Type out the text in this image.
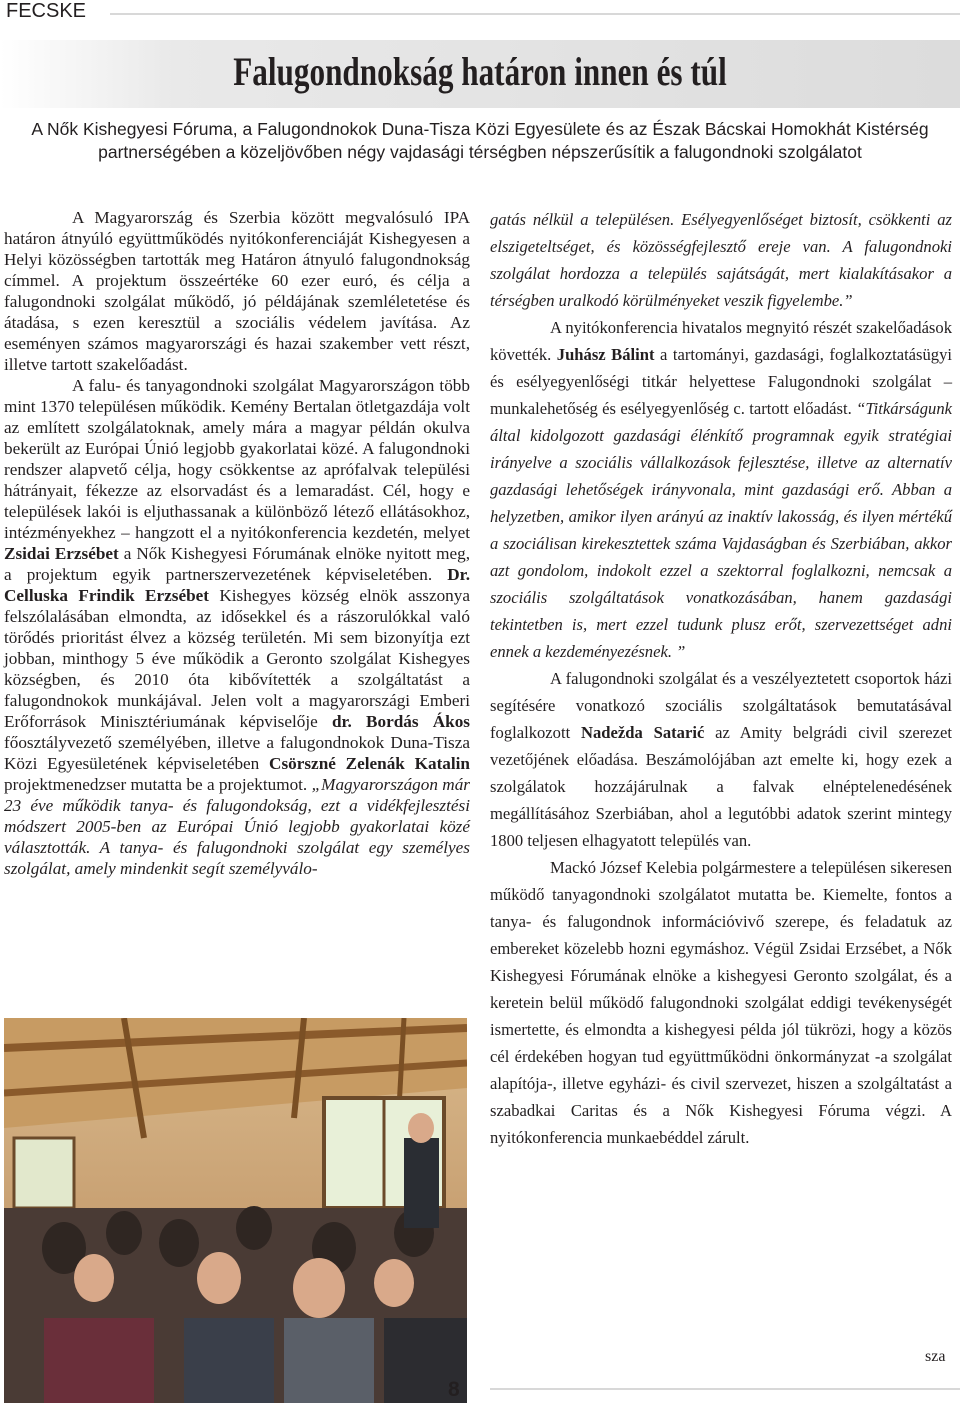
FECSKE
Falugondnokság határon innen és túl
A Nők Kishegyesi Fóruma, a Falugondnokok Duna-Tisza Közi Egyesülete és az Észak Bácskai Homokhát Kistérség partnerségében a közeljövőben négy vajdasági térségben népszerűsítik a falugondnoki szolgálatot

A Magyarország és Szerbia között megvalósuló IPA határon átnyúló együttműködés nyitókonferenciáját Kishegyesen a Helyi közösségben tartották meg Határon átnyuló falugondnokság címmel. A projektum összeértéke 60 ezer euró, és célja a falugondnoki szolgálat működő, jó példájának szemléletetése és átadása, s ezen keresztül a szociális védelem javítása. Az eseményen számos magyarországi és hazai szakember vett részt, illetve tartott szakelőadást.

A falu- és tanyagondnoki szolgálat Magyarországon több mint 1370 településen működik. Kemény Bertalan ötletgazdája volt az említett szolgálatoknak, amely mára a magyar példán okulva bekerült az Európai Únió legjobb gyakorlatai közé. A falugondnoki rendszer alapvető célja, hogy csökkentse az aprófalvak települési hátrányait, fékezze az elsorvadást és a lemaradást. Cél, hogy e települések lakói is eljuthassanak a különböző létező ellátásokhoz, intézményekhez – hangzott el a nyitókonferencia kezdetén, melyet Zsidai Erzsébet a Nők Kishegyesi Fórumának elnöke nyitott meg, a projektum egyik partnerszervezetének képviseletében. Dr. Celluska Frindik Erzsébet Kishegyes község elnök asszonya felszólalásában elmondta, az idősekkel és a rászorulókkal való törődés prioritást élvez a község területén. Mi sem bizonyítja ezt jobban, minthogy 5 éve működik a Geronto szolgálat Kishegyes községben, és 2010 óta kibővítették a szolgáltatást a falugondnokok munkájával. Jelen volt a magyarországi Emberi Erőforrások Minisztériumának képviselője dr. Bordás Ákos főosztályvezető személyében, illetve a falugondnokok Duna-Tisza Közi Egyesületének képviseletében Csörszné Zelenák Katalin projektmenedzser mutatta be a projektumot. „Magyarországon már 23 éve működik tanya- és falugondokság, ezt a vidékfejlesztési módszert 2005-ben az Európai Únió legjobb gyakorlatai közé választották. A tanya- és falugondnoki szolgálat egy személyes szolgálat, amely mindenkit segít személyválo-

gatás nélkül a településen. Esélyegyenlőséget biztosít, csökkenti az elszigeteltséget, és közösségfejlesztő ereje van. A falugondnoki szolgálat hordozza a település sajátságát, mert kialakításakor a térségben uralkodó körülményeket veszik figyelembe.”

A nyitókonferencia hivatalos megnyitó részét szakelőadások követték. Juhász Bálint a tartományi, gazdasági, foglalkoztatásügyi és esélyegyenlőségi titkár helyettese Falugondnoki szolgálat – munkalehetőség és esélyegyenlőség c. tartott előadást. “Titkárságunk által kidolgozott gazdasági élénkítő programnak egyik stratégiai irányelve a szociális vállalkozások fejlesztése, illetve az alternatív gazdasági lehetőségek irányvonala, mint gazdasági erő. Abban a helyzetben, amikor ilyen arányú az inaktív lakosság, és ilyen mértékű a szociálisan kirekesztettek száma Vajdaságban és Szerbiában, akkor azt gondolom, indokolt ezzel a szektorral foglalkozni, nemcsak a szociális szolgáltatások vonatkozásában, hanem gazdasági tekintetben is, mert ezzel tudunk plusz erőt, szervezettséget adni ennek a kezdeményezésnek. ”

A falugondnoki szolgálat és a veszélyeztetett csoportok házi segítésére vonatkozó szociális szolgáltatások bemutatásával foglalkozott Nadežda Satarić az Amity belgrádi civil szerezet vezetőjének előadásа. Beszámolójában azt emelte ki, hogy ezek a szolgálatok hozzájárulnak a falvak elnéptelenedésének megállításához Szerbiában, ahol a legutóbbi adatok szerint mintegy 1800 teljesen elhagyatott település van.

Mackó József Kelebia polgármestere a településen sikeresen működő tanyagondnoki szolgálatot mutatta be. Kiemelte, fontos a tanya- és falugondnok információvivő szerepe, és feladatuk az embereket közelebb hozni egymáshoz. Végül Zsidai Erzsébet, a Nők Kishegyesi Fórumának elnöke a kishegyesi Geronto szolgálat, és a keretein belül működő falugondnoki szolgálat eddigi tevékenységét ismertette, és elmondta a kishegyesi példa jól tükrözi, hogy a közös cél érdekében hogyan tud együttműködni önkormányzat -a szolgálat alapítója-, illetve egyházi- és civil szervezet, hiszen a szolgáltatást a szabadkai Caritas és a Nők Kishegyesi Fóruma végzi. A nyitókonferencia munkaebéddel zárult.

sza
8
